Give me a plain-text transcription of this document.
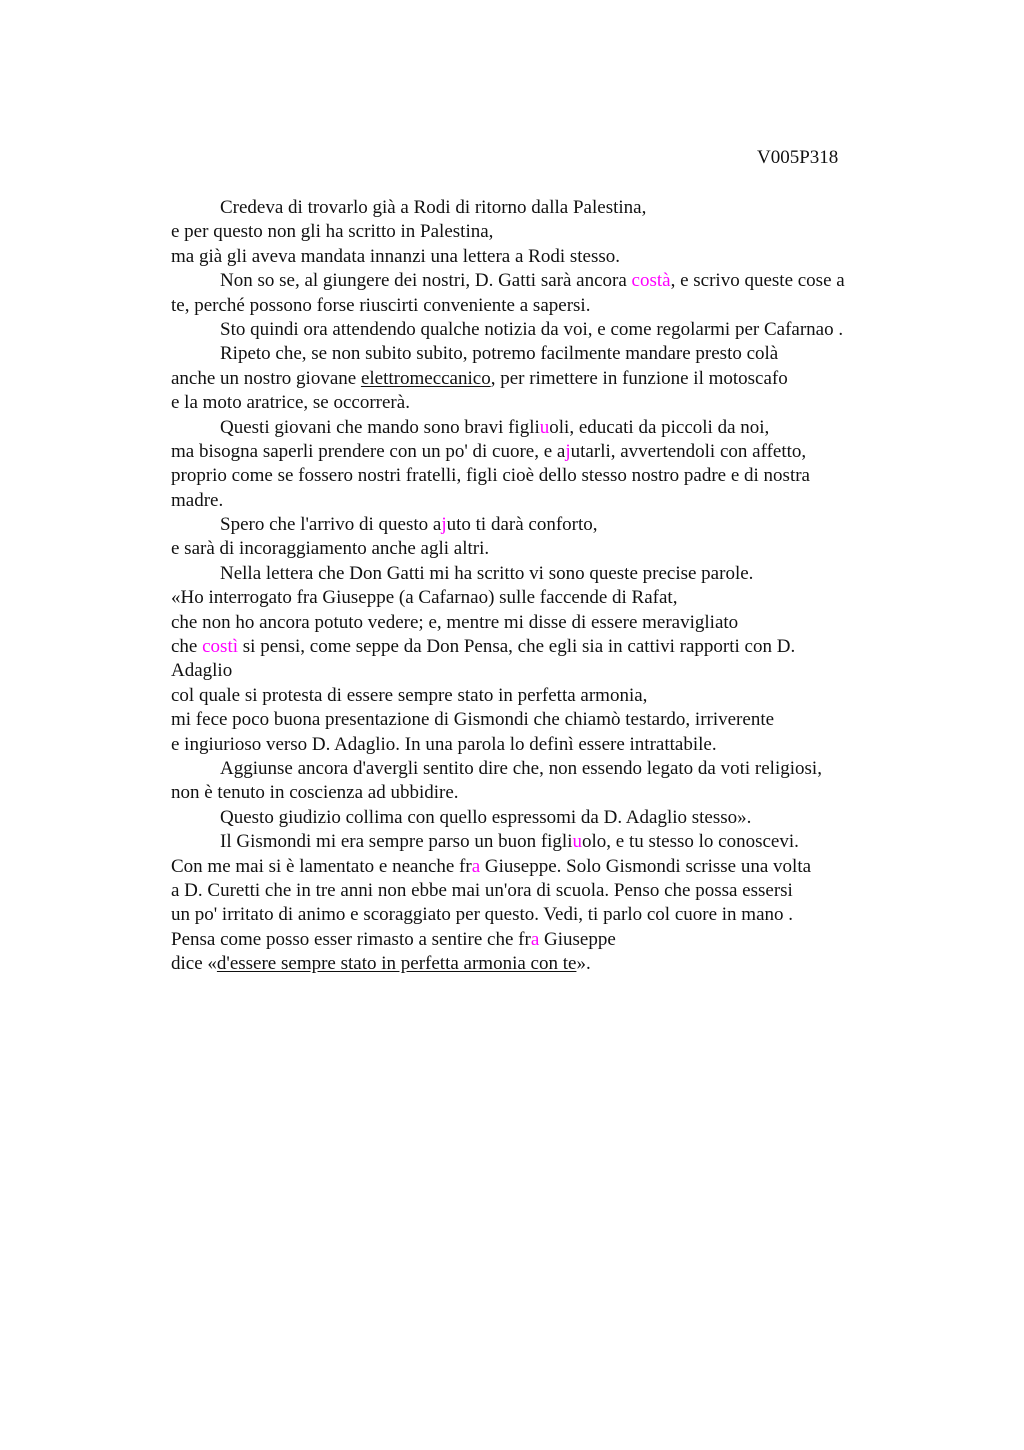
V005P318
Credeva di trovarlo già a Rodi di ritorno dalla Palestina,
e per questo non gli ha scritto in Palestina,
ma già gli aveva mandata innanzi una lettera a Rodi stesso.
Non so se, al giungere dei nostri, D. Gatti sarà ancora costà, e scrivo queste cose a
te, perché possono forse riuscirti conveniente a sapersi.
Sto quindi ora attendendo qualche notizia da voi, e come regolarmi per Cafarnao .
Ripeto che, se non subito subito, potremo facilmente mandare presto colà
anche un nostro giovane elettromeccanico, per rimettere in funzione il motoscafo
e la moto aratrice, se occorrerà.
Questi giovani che mando sono bravi figliuoli, educati da piccoli da noi,
ma bisogna saperli prendere con un po' di cuore, e ajutarli, avvertendoli con affetto,
proprio come se fossero nostri fratelli, figli cioè dello stesso nostro padre e di nostra
madre.
Spero che l'arrivo di questo ajuto ti darà conforto,
e sarà di incoraggiamento anche agli altri.
Nella lettera che Don Gatti mi ha scritto vi sono queste precise parole.
«Ho interrogato fra Giuseppe (a Cafarnao) sulle faccende di Rafat,
che non ho ancora potuto vedere; e, mentre mi disse di essere meravigliato
che costì si pensi, come seppe da Don Pensa, che egli sia in cattivi rapporti con D.
Adaglio
col quale si protesta di essere sempre stato in perfetta armonia,
mi fece poco buona presentazione di Gismondi che chiamò testardo, irriverente
e ingiurioso verso D. Adaglio. In una parola lo definì essere intrattabile.
Aggiunse ancora d'avergli sentito dire che, non essendo legato da voti religiosi,
non è tenuto in coscienza ad ubbidire.
Questo giudizio collima con quello espressomi da D. Adaglio stesso».
Il Gismondi mi era sempre parso un buon figliuolo, e tu stesso lo conoscevi.
Con me mai si è lamentato e neanche fra Giuseppe. Solo Gismondi scrisse una volta
a D. Curetti che in tre anni non ebbe mai un'ora di scuola. Penso che possa essersi
un po' irritato di animo e scoraggiato per questo. Vedi, ti parlo col cuore in mano .
Pensa come posso esser rimasto a sentire che fra Giuseppe
dice «d'essere sempre stato in perfetta armonia con te».
